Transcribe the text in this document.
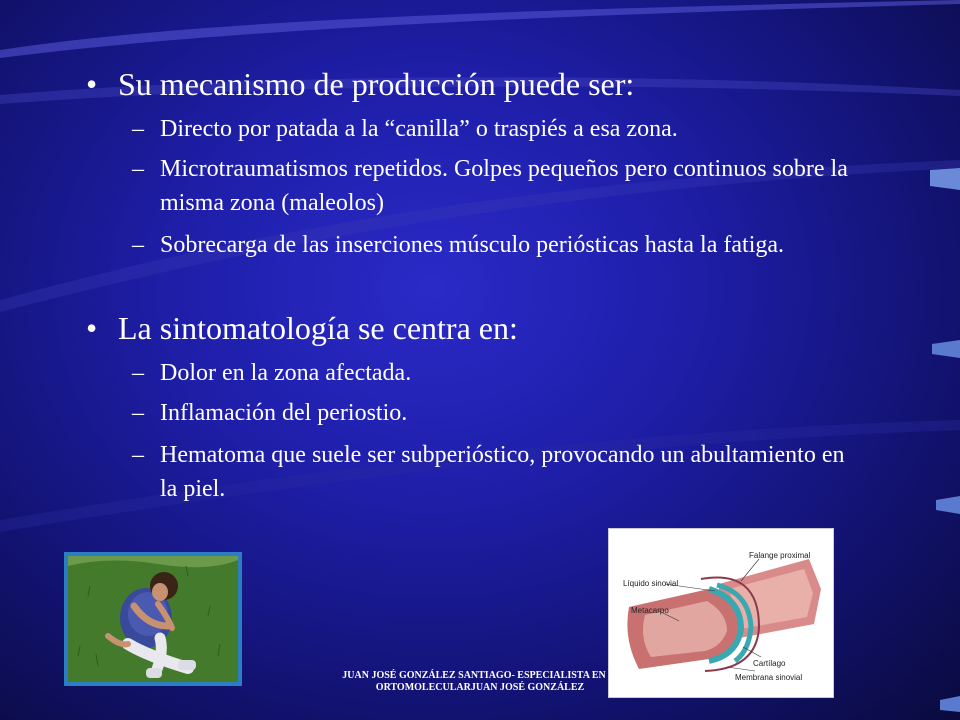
• Su mecanismo de producción puede ser:
– Directo por patada a la “canilla” o traspiés a esa zona.
– Microtraumatismos repetidos. Golpes pequeños pero continuos sobre la misma zona (maleolos)
– Sobrecarga de las inserciones músculo periósticas hasta la fatiga.
• La sintomatología se centra en:
– Dolor en la zona afectada.
– Inflamación del periostio.
– Hematoma que suele ser subperióstico, provocando un abultamiento en la piel.
Falange proximal
Líquido sinovial
Metacarpo
Cartílago
Membrana sinovial
JUAN JOSÉ GONZÁLEZ SANTIAGO- ESPECIALISTA EN M
ORTOMOLECULARJUAN JOSÉ GONZÁLEZ
